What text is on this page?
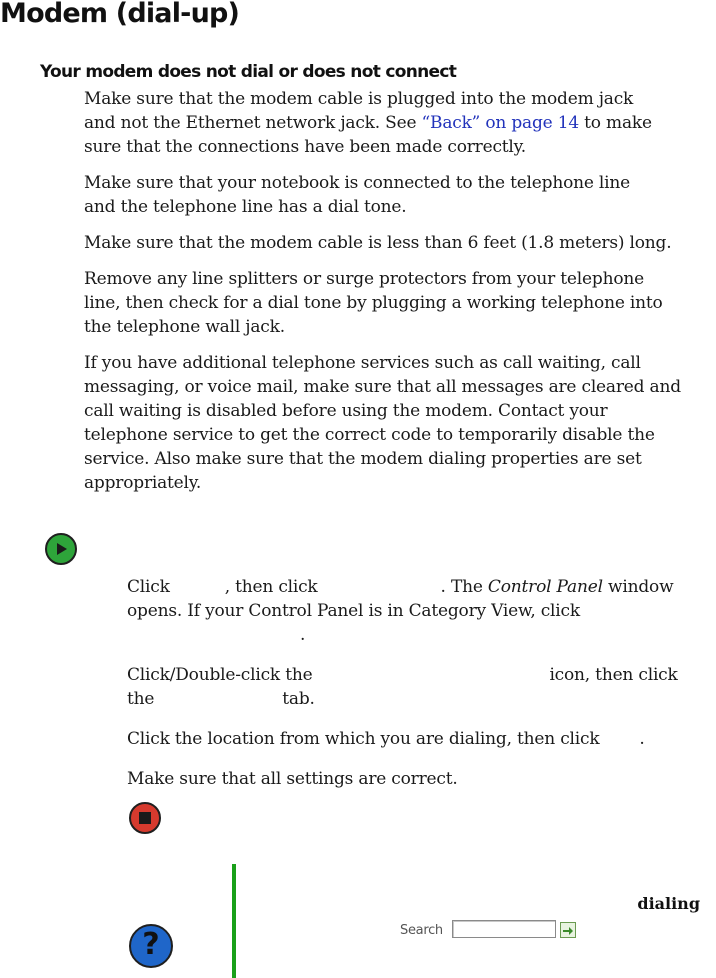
Modem (dial-up)
Your modem does not dial or does not connect

Make sure that the modem cable is plugged into the modem jack

and not the Ethernet network jack. See “Back” on page 14 to make

sure that the connections have been made correctly.

Make sure that your notebook is connected to the telephone line

and the telephone line has a dial tone.

Make sure that the modem cable is less than 6 feet (1.8 meters) long.

Remove any line splitters or surge protectors from your telephone

line, then check for a dial tone by plugging a working telephone into

the telephone wall jack.

If you have additional telephone services such as call waiting, call

messaging, or voice mail, make sure that all messages are cleared and

call waiting is disabled before using the modem. Contact your

telephone service to get the correct code to temporarily disable the

service. Also make sure that the modem dialing properties are set

appropriately.

Click	, then click	. The Control Panel window

opens. If your Control Panel is in Category View, click

.

Click/Double-click the	icon, then click

the	tab.

Click the location from which you are dialing, then click .

Make sure that all settings are correct.

dialing

?	Search
